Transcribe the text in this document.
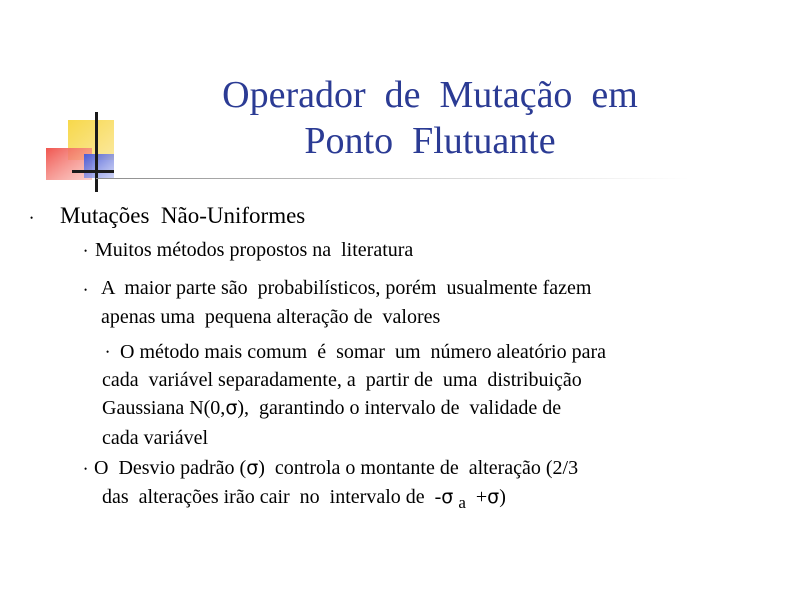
Operador  de  Mutação  em
Ponto  Flutuante
• Mutações  Não-Uniformes
• Muitos métodos propostos na  literatura
• A  maior parte são  probabilísticos, porém  usualmente fazem
apenas uma  pequena alteração de  valores
• O método mais comum  é  somar  um  número aleatório para
cada  variável separadamente, a  partir de  uma  distribuição
Gaussiana N(0,σ),  garantindo o intervalo de  validade de
cada variável
• O  Desvio padrão (σ)  controla o montante de  alteração (2/3
das  alterações irão cair  no  intervalo de  -σ $_a$  +σ)
